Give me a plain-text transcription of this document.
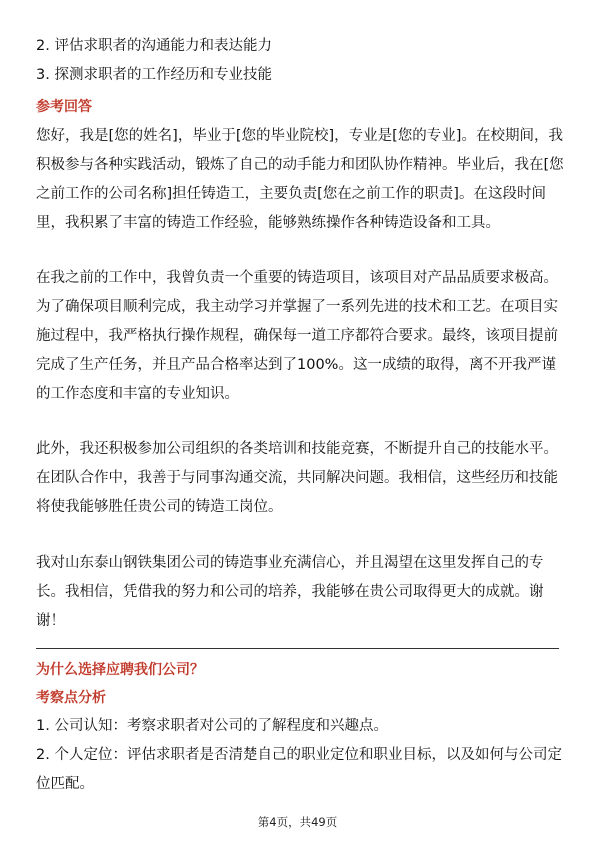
2. 评估求职者的沟通能力和表达能力
3. 探测求职者的工作经历和专业技能
参考回答
您好，我是[您的姓名]，毕业于[您的毕业院校]，专业是[您的专业]。在校期间，我
积极参与各种实践活动，锻炼了自己的动手能力和团队协作精神。毕业后，我在[您
之前工作的公司名称]担任铸造工，主要负责[您在之前工作的职责]。在这段时间
里，我积累了丰富的铸造工作经验，能够熟练操作各种铸造设备和工具。
在我之前的工作中，我曾负责一个重要的铸造项目，该项目对产品品质要求极高。
为了确保项目顺利完成，我主动学习并掌握了一系列先进的技术和工艺。在项目实
施过程中，我严格执行操作规程，确保每一道工序都符合要求。最终，该项目提前
完成了生产任务，并且产品合格率达到了100%。这一成绩的取得，离不开我严谨
的工作态度和丰富的专业知识。
此外，我还积极参加公司组织的各类培训和技能竞赛，不断提升自己的技能水平。
在团队合作中，我善于与同事沟通交流，共同解决问题。我相信，这些经历和技能
将使我能够胜任贵公司的铸造工岗位。
我对山东泰山钢铁集团公司的铸造事业充满信心，并且渴望在这里发挥自己的专
长。我相信，凭借我的努力和公司的培养，我能够在贵公司取得更大的成就。谢
谢！
为什么选择应聘我们公司？
考察点分析
1. 公司认知：考察求职者对公司的了解程度和兴趣点。
2. 个人定位：评估求职者是否清楚自己的职业定位和职业目标，以及如何与公司定
位匹配。
第4页，共49页
